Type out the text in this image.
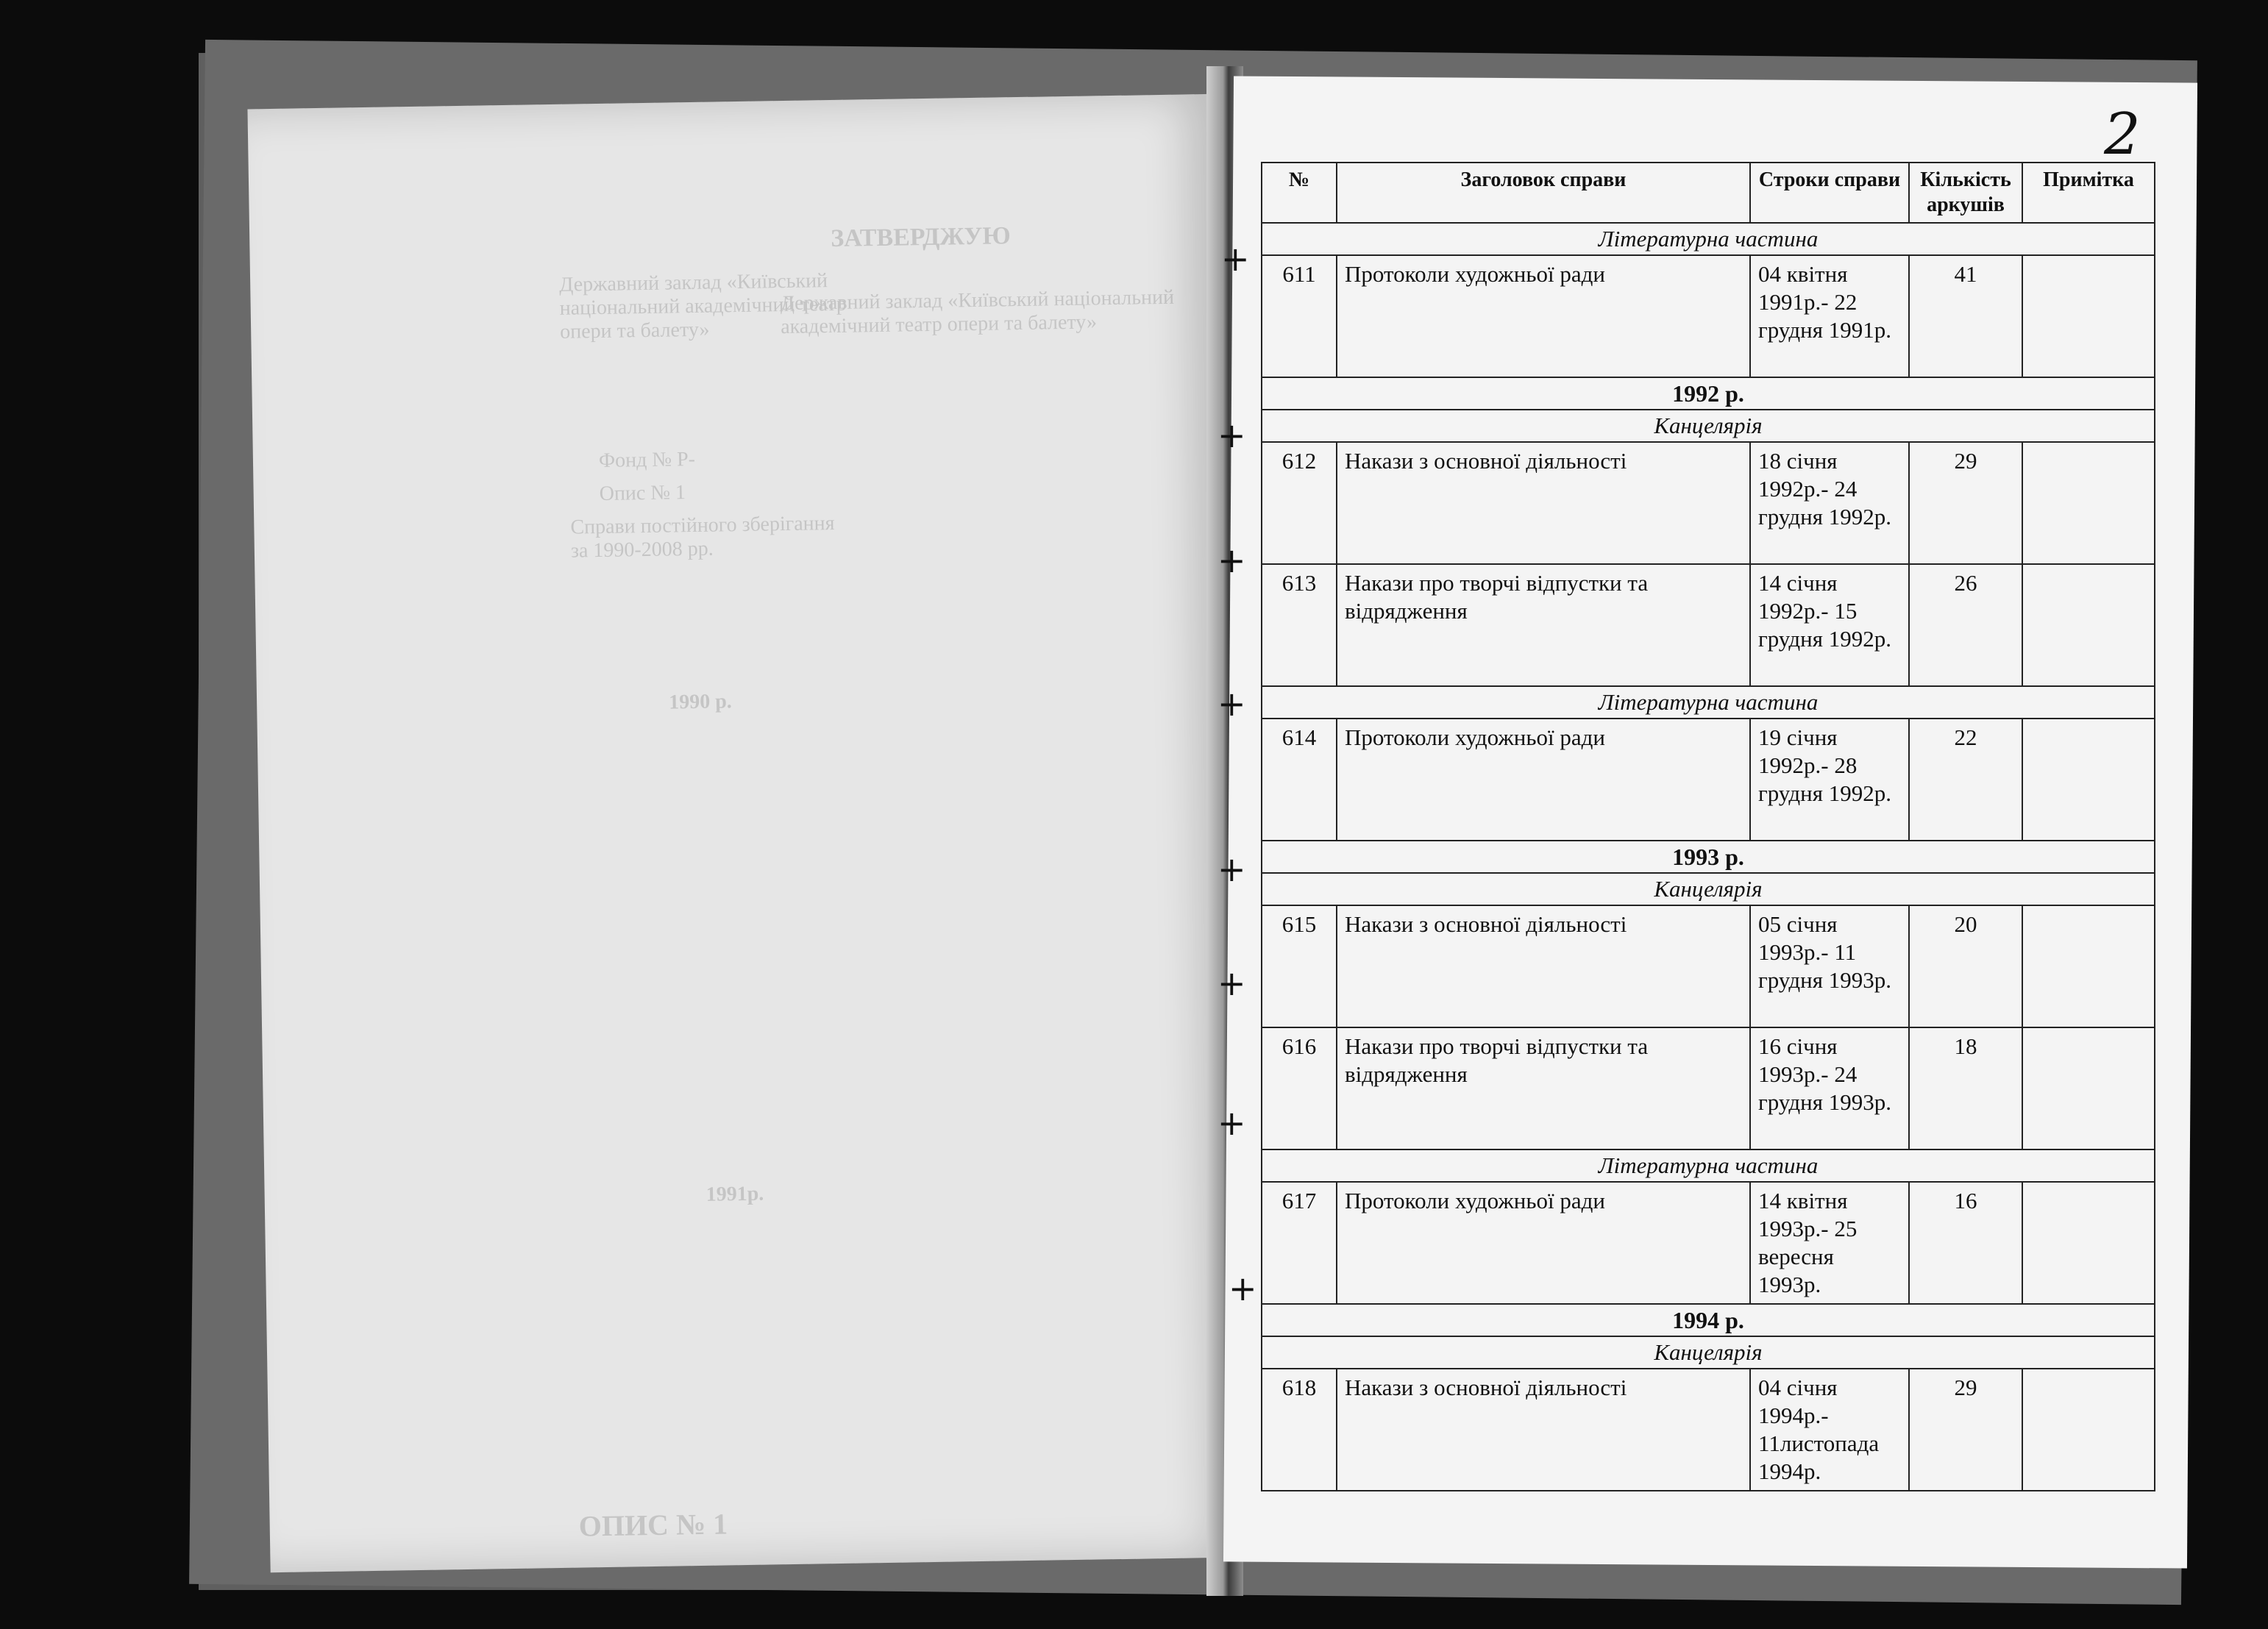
ЗАТВЕРДЖУЮ
Державний заклад «Київський національний академічний театр опери та балету»
Державний заклад «Київський національний академічний театр опери та балету»
Фонд № Р-
Опис № 1
Справи постійного зберігання за 1990-2008 рр.
1990 р.
1991р.
ОПИС № 1
2
№	Заголовок справи	Строки справи	Кількість аркушів	Примітка
Літературна частина				
611	Протоколи художньої ради	04 квітня 1991р.- 22 грудня 1991р.	41	
1992 р.				
Канцелярія				
612	Накази з основної діяльності	18 січня 1992р.- 24 грудня 1992р.	29	
613	Накази про творчі відпустки та відрядження	14 січня 1992р.- 15 грудня 1992р.	26	
Літературна частина				
614	Протоколи художньої ради	19 січня 1992р.- 28 грудня 1992р.	22	
1993 р.				
Канцелярія				
615	Накази з основної діяльності	05 січня 1993р.- 11 грудня 1993р.	20	
616	Накази про творчі відпустки та відрядження	16 січня 1993р.- 24 грудня 1993р.	18	
Літературна частина				
617	Протоколи художньої ради	14 квітня 1993р.- 25 вересня 1993р.	16	
1994 р.				
Канцелярія				
618	Накази з основної діяльності	04 січня 1994р.- 11листопада 1994р.	29	
+
+
+
+
+
+
+
+
